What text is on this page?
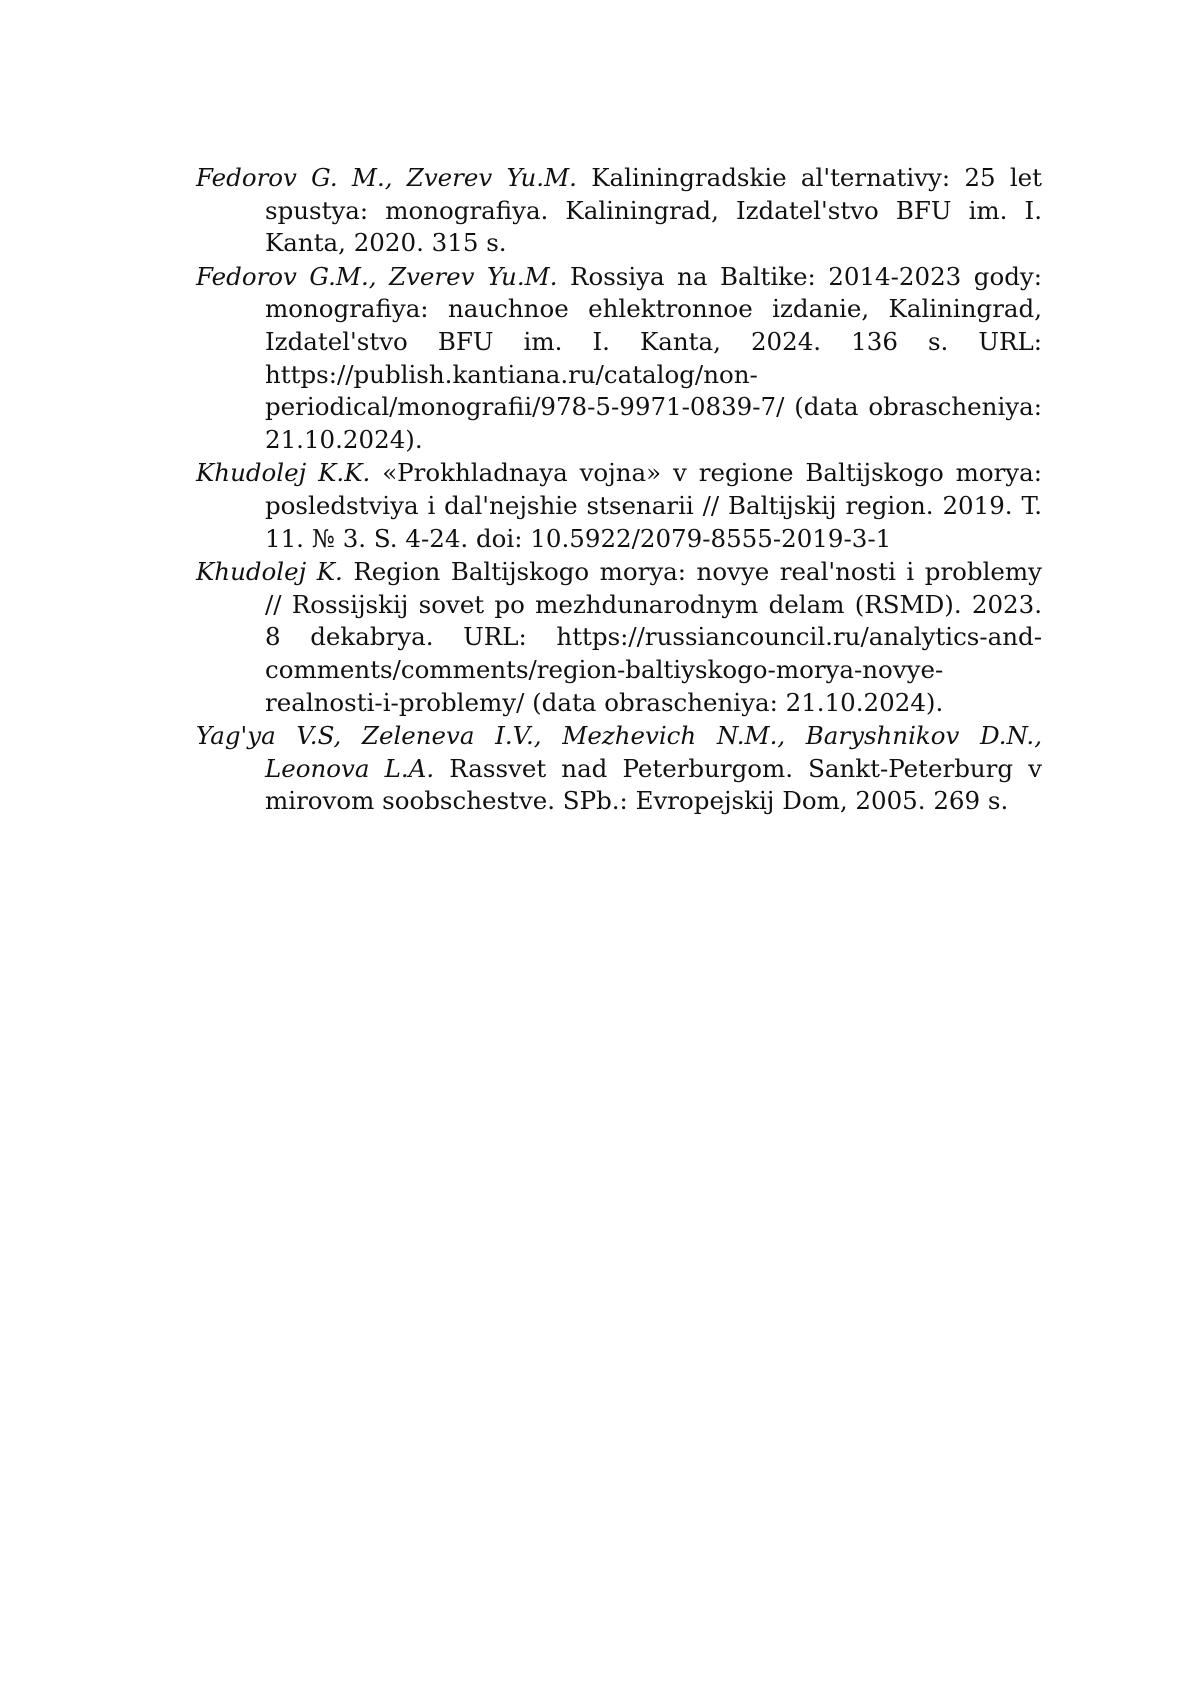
Fedorov G. M., Zverev Yu.M. Kaliningradskie al'ternativy: 25 let spustya: monografiya. Kaliningrad, Izdatel'stvo BFU im. I. Kanta, 2020. 315 s.
Fedorov G.M., Zverev Yu.M. Rossiya na Baltike: 2014-2023 gody: monografiya: nauchnoe ehlektronnoe izdanie, Kaliningrad, Izdatel'stvo BFU im. I. Kanta, 2024. 136 s. URL: https://publish.kantiana.ru/catalog/non-periodical/monografii/978-5-9971-0839-7/ (data obrascheniya: 21.10.2024).
Khudolej K.K. «Prokhladnaya vojna» v regione Baltijskogo morya: posledstviya i dal'nejshie stsenarii // Baltijskij region. 2019. T. 11. № 3. S. 4-24. doi: 10.5922/2079-8555-2019-3-1
Khudolej K. Region Baltijskogo morya: novye real'nosti i problemy // Rossijskij sovet po mezhdunarodnym delam (RSMD). 2023. 8 dekabrya. URL: https://russiancouncil.ru/analytics-and-comments/comments/region-baltiyskogo-morya-novye-realnosti-i-problemy/ (data obrascheniya: 21.10.2024).
Yag'ya V.S, Zeleneva I.V., Mezhevich N.M., Baryshnikov D.N., Leonova L.A. Rassvet nad Peterburgom. Sankt-Peterburg v mirovom soobschestve. SPb.: Evropejskij Dom, 2005. 269 s.
